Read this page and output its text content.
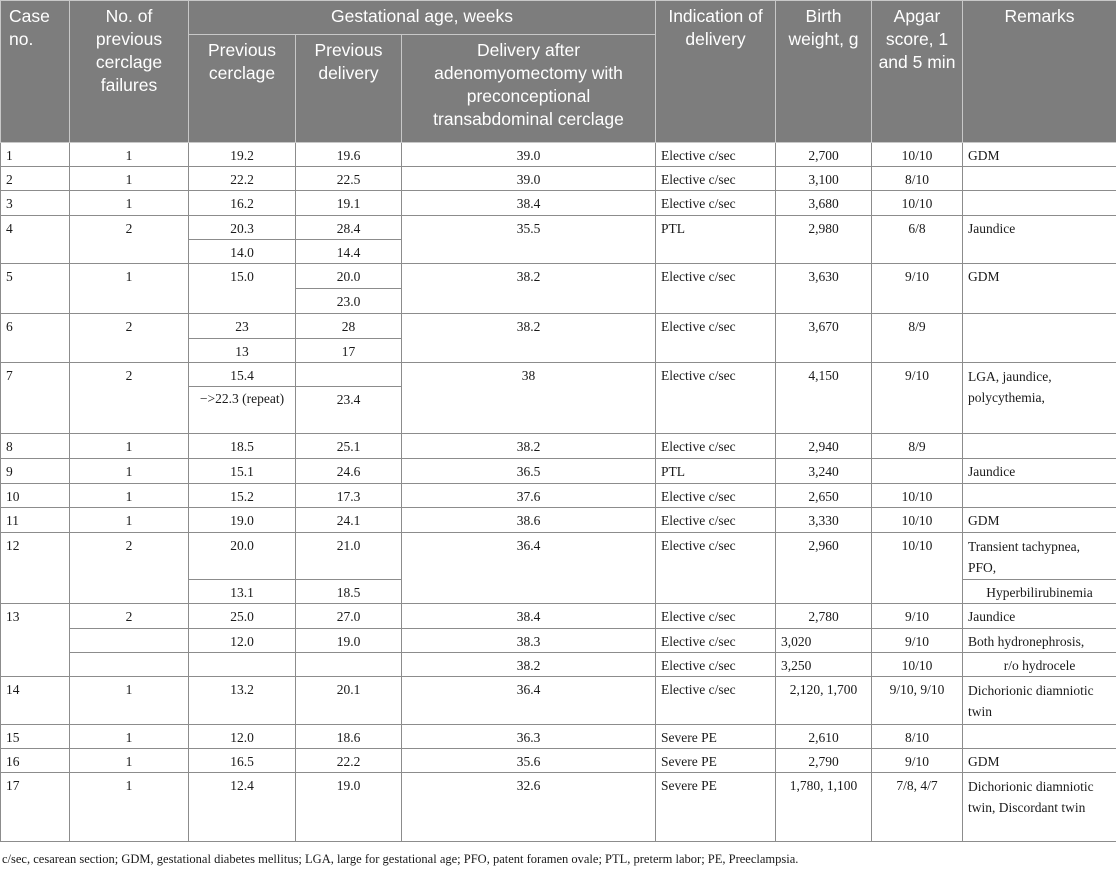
Case no.	No. of previous cerclage failures	Gestational age, weeks			Indication of delivery	Birth weight, g	Apgar score, 1 and 5 min	Remarks
		Previous cerclage	Previous delivery	Delivery after adenomyomectomy with preconceptional transabdominal cerclage				
1	1	19.2	19.6	39.0	Elective c/sec	2,700	10/10	GDM
2	1	22.2	22.5	39.0	Elective c/sec	3,100	8/10	
3	1	16.2	19.1	38.4	Elective c/sec	3,680	10/10	
4	2	20.3	28.4	35.5	PTL	2,980	6/8	Jaundice
		14.0	14.4					
5	1	15.0	20.0	38.2	Elective c/sec	3,630	9/10	GDM
			23.0					
6	2	23	28	38.2	Elective c/sec	3,670	8/9	
		13	17					
7	2	15.4		38	Elective c/sec	4,150	9/10	LGA, jaundice, polycythemia,
		−>22.3 (repeat)	23.4					
8	1	18.5	25.1	38.2	Elective c/sec	2,940	8/9	
9	1	15.1	24.6	36.5	PTL	3,240		Jaundice
10	1	15.2	17.3	37.6	Elective c/sec	2,650	10/10	
11	1	19.0	24.1	38.6	Elective c/sec	3,330	10/10	GDM
12	2	20.0	21.0	36.4	Elective c/sec	2,960	10/10	Transient tachypnea, PFO,
		13.1	18.5					Hyperbilirubinemia
13	2	25.0	27.0	38.4	Elective c/sec	2,780	9/10	Jaundice
		12.0	19.0	38.3	Elective c/sec	3,020	9/10	Both hydronephrosis,
				38.2	Elective c/sec	3,250	10/10	r/o hydrocele
14	1	13.2	20.1	36.4	Elective c/sec	2,120, 1,700	9/10, 9/10	Dichorionic diamniotic twin
15	1	12.0	18.6	36.3	Severe PE	2,610	8/10	
16	1	16.5	22.2	35.6	Severe PE	2,790	9/10	GDM
17	1	12.4	19.0	32.6	Severe PE	1,780, 1,100	7/8, 4/7	Dichorionic diamniotic twin, Discordant twin
c/sec, cesarean section; GDM, gestational diabetes mellitus; LGA, large for gestational age; PFO, patent foramen ovale; PTL, preterm labor; PE, Preeclampsia.
